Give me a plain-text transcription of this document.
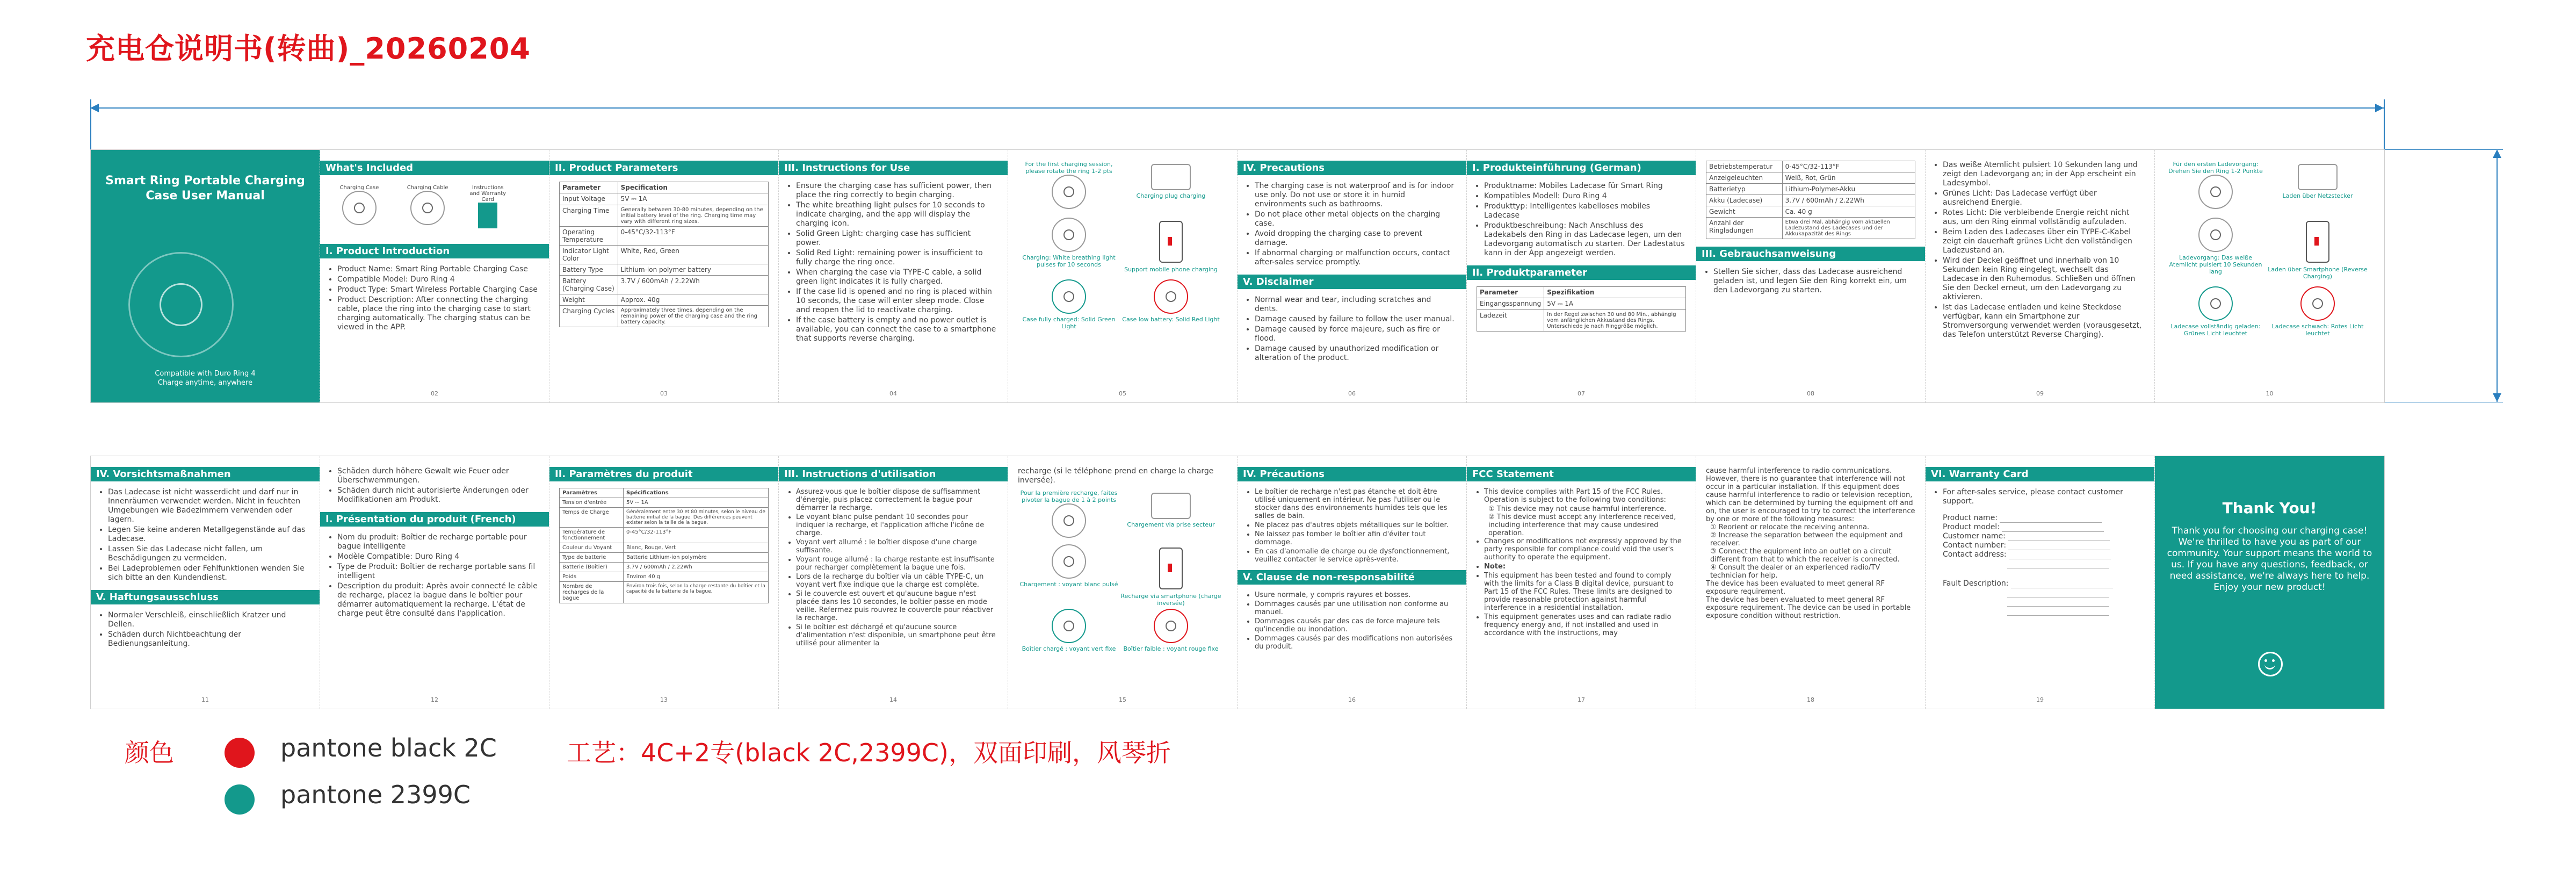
充电仓说明书(转曲)_20260204
Smart Ring Portable Charging Case User Manual
Compatible with Duro Ring 4
Charge anytime, anywhere
What's Included
Charging Case
	Charging Cable
	Instructions and Warranty Card
I. Product Introduction
• Product Name: Smart Ring Portable Charging Case
• Compatible Model: Duro Ring 4
• Product Type: Smart Wireless Portable Charging Case
• Product Description: After connecting the charging cable, place the ring into the charging case to start charging automatically. The charging status can be viewed in the APP.
02
II. Product Parameters
Parameter	Specification
Input Voltage	5V ⎓ 1A
Charging Time	Generally between 30-80 minutes, depending on the initial battery level of the ring. Charging time may vary with different ring sizes.
Operating Temperature	0-45°C/32-113°F
Indicator Light Color	White, Red, Green
Battery Type	Lithium-ion polymer battery
Battery (Charging Case)	3.7V / 600mAh / 2.22Wh
Weight	Approx. 40g
Charging Cycles	Approximately three times, depending on the remaining power of the charging case and the ring battery capacity.
03
III. Instructions for Use
• Ensure the charging case has sufficient power, then place the ring correctly to begin charging.
• The white breathing light pulses for 10 seconds to indicate charging, and the app will display the charging icon.
• Solid Green Light: charging case has sufficient power.
• Solid Red Light: remaining power is insufficient to fully charge the ring once.
• When charging the case via TYPE-C cable, a solid green light indicates it is fully charged.
• If the case lid is opened and no ring is placed within 10 seconds, the case will enter sleep mode. Close and reopen the lid to reactivate charging.
• If the case battery is empty and no power outlet is available, you can connect the case to a smartphone that supports reverse charging.
04
For the first charging session, please rotate the ring 1-2 pts
Charging plug charging
Charging: White breathing light pulses for 10 seconds
Support mobile phone charging
Case fully charged: Solid Green Light
Case low battery: Solid Red Light
05
IV. Precautions
• The charging case is not waterproof and is for indoor use only. Do not use or store it in humid environments such as bathrooms.
• Do not place other metal objects on the charging case.
• Avoid dropping the charging case to prevent damage.
• If abnormal charging or malfunction occurs, contact after-sales service promptly.
V. Disclaimer
• Normal wear and tear, including scratches and dents.
• Damage caused by failure to follow the user manual.
• Damage caused by force majeure, such as fire or flood.
• Damage caused by unauthorized modification or alteration of the product.
06
I. Produkteinführung (German)
• Produktname: Mobiles Ladecase für Smart Ring
• Kompatibles Modell: Duro Ring 4
• Produkttyp: Intelligentes kabelloses mobiles Ladecase
• Produktbeschreibung: Nach Anschluss des Ladekabels den Ring in das Ladecase legen, um den Ladevorgang automatisch zu starten. Der Ladestatus kann in der App angezeigt werden.
II. Produktparameter
Parameter	Spezifikation
Eingangsspannung	5V ⎓ 1A
Ladezeit	In der Regel zwischen 30 und 80 Min., abhängig vom anfänglichen Akkustand des Rings. Unterschiede je nach Ringgröße möglich.
07
Betriebstemperatur	0-45°C/32-113°F
Anzeigeleuchten	Weiß, Rot, Grün
Batterietyp	Lithium-Polymer-Akku
Akku (Ladecase)	3.7V / 600mAh / 2.22Wh
Gewicht	Ca. 40 g
Anzahl der Ringladungen	Etwa drei Mal, abhängig vom aktuellen Ladezustand des Ladecases und der Akkukapazität des Rings
III. Gebrauchsanweisung
• Stellen Sie sicher, dass das Ladecase ausreichend geladen ist, und legen Sie den Ring korrekt ein, um den Ladevorgang zu starten.
08
• Das weiße Atemlicht pulsiert 10 Sekunden lang und zeigt den Ladevorgang an; in der App erscheint ein Ladesymbol.
• Grünes Licht: Das Ladecase verfügt über ausreichend Energie.
• Rotes Licht: Die verbleibende Energie reicht nicht aus, um den Ring einmal vollständig aufzuladen.
• Beim Laden des Ladecases über ein TYPE-C-Kabel zeigt ein dauerhaft grünes Licht den vollständigen Ladezustand an.
• Wird der Deckel geöffnet und innerhalb von 10 Sekunden kein Ring eingelegt, wechselt das Ladecase in den Ruhemodus. Schließen und öffnen Sie den Deckel erneut, um den Ladevorgang zu aktivieren.
• Ist das Ladecase entladen und keine Steckdose verfügbar, kann ein Smartphone zur Stromversorgung verwendet werden (vorausgesetzt, das Telefon unterstützt Reverse Charging).
09
Für den ersten Ladevorgang: Drehen Sie den Ring 1-2 Punkte
Laden über Netzstecker
Ladevorgang: Das weiße Atemlicht pulsiert 10 Sekunden lang	Laden über Smartphone (Reverse Charging)
Ladecase vollständig geladen: Grünes Licht leuchtet
Ladecase schwach: Rotes Licht leuchtet
10
IV. Vorsichtsmaßnahmen
• Das Ladecase ist nicht wasserdicht und darf nur in Innenräumen verwendet werden. Nicht in feuchten Umgebungen wie Badezimmern verwenden oder lagern.
• Legen Sie keine anderen Metallgegenstände auf das Ladecase.
• Lassen Sie das Ladecase nicht fallen, um Beschädigungen zu vermeiden.
• Bei Ladeproblemen oder Fehlfunktionen wenden Sie sich bitte an den Kundendienst.
V. Haftungsausschluss
• Normaler Verschleiß, einschließlich Kratzer und Dellen.
• Schäden durch Nichtbeachtung der Bedienungsanleitung.
11
• Schäden durch höhere Gewalt wie Feuer oder Überschwemmungen.
• Schäden durch nicht autorisierte Änderungen oder Modifikationen am Produkt.
I. Présentation du produit (French)
• Nom du produit: Boîtier de recharge portable pour bague intelligente
• Modèle Compatible: Duro Ring 4
• Type de Produit: Boîtier de recharge portable sans fil intelligent
• Description du produit: Après avoir connecté le câble de recharge, placez la bague dans le boîtier pour démarrer automatiquement la recharge. L'état de charge peut être consulté dans l'application.
12
II. Paramètres du produit
Paramètres	Spécifications
Tension d'entrée	5V ⎓ 1A
Temps de Charge	Généralement entre 30 et 80 minutes, selon le niveau de batterie initial de la bague. Des différences peuvent exister selon la taille de la bague.
Température de fonctionnement	0-45°C/32-113°F
Couleur du Voyant	Blanc, Rouge, Vert
Type de batterie	Batterie Lithium-ion polymère
Batterie (Boîtier)	3.7V / 600mAh / 2.22Wh
Poids	Environ 40 g
Nombre de recharges de la bague	Environ trois fois, selon la charge restante du boîtier et la capacité de la batterie de la bague.
13
III. Instructions d'utilisation
• Assurez-vous que le boîtier dispose de suffisamment d'énergie, puis placez correctement la bague pour démarrer la recharge.
• Le voyant blanc pulse pendant 10 secondes pour indiquer la recharge, et l'application affiche l'icône de charge.
• Voyant vert allumé : le boîtier dispose d'une charge suffisante.
• Voyant rouge allumé : la charge restante est insuffisante pour recharger complètement la bague une fois.
• Lors de la recharge du boîtier via un câble TYPE-C, un voyant vert fixe indique que la charge est complète.
• Si le couvercle est ouvert et qu'aucune bague n'est placée dans les 10 secondes, le boîtier passe en mode veille. Refermez puis rouvrez le couvercle pour réactiver la recharge.
• Si le boîtier est déchargé et qu'aucune source d'alimentation n'est disponible, un smartphone peut être utilisé pour alimenter la
14
recharge (si le téléphone prend en charge la charge inversée).
Pour la première recharge, faites pivoter la bague de 1 à 2 points
Chargement via prise secteur
Chargement : voyant blanc pulsé
Recharge via smartphone (charge inversée)
Boîtier chargé : voyant vert fixe	Boîtier faible : voyant rouge fixe
15
IV. Précautions
• Le boîtier de recharge n'est pas étanche et doit être utilisé uniquement en intérieur. Ne pas l'utiliser ou le stocker dans des environnements humides tels que les salles de bain.
• Ne placez pas d'autres objets métalliques sur le boîtier.
• Ne laissez pas tomber le boîtier afin d'éviter tout dommage.
• En cas d'anomalie de charge ou de dysfonctionnement, veuillez contacter le service après-vente.
V. Clause de non-responsabilité
• Usure normale, y compris rayures et bosses.
• Dommages causés par une utilisation non conforme au manuel.
• Dommages causés par des cas de force majeure tels qu'incendie ou inondation.
• Dommages causés par des modifications non autorisées du produit.
16
FCC Statement
• This device complies with Part 15 of the FCC Rules. Operation is subject to the following two conditions:
① This device may not cause harmful interference.
② This device must accept any interference received, including interference that may cause undesired operation.
• Changes or modifications not expressly approved by the party responsible for compliance could void the user's authority to operate the equipment.
• Note:
• This equipment has been tested and found to comply with the limits for a Class B digital device, pursuant to Part 15 of the FCC Rules. These limits are designed to provide reasonable protection against harmful interference in a residential installation.
• This equipment generates uses and can radiate radio frequency energy and, if not installed and used in accordance with the instructions, may
17
cause harmful interference to radio communications. However, there is no guarantee that interference will not occur in a particular installation. If this equipment does cause harmful interference to radio or television reception, which can be determined by turning the equipment off and on, the user is encouraged to try to correct the interference by one or more of the following measures:
① Reorient or relocate the receiving antenna.
② Increase the separation between the equipment and receiver.
③ Connect the equipment into an outlet on a circuit different from that to which the receiver is connected.
④ Consult the dealer or an experienced radio/TV technician for help.
The device has been evaluated to meet general RF exposure requirement.
The device has been evaluated to meet general RF exposure requirement. The device can be used in portable exposure condition without restriction.
18
VI. Warranty Card
• For after-sales service, please contact customer support.
Product name:
Product model:
Customer name:
Contact number:
Contact address:
Fault Description:
19
Thank You!
Thank you for choosing our charging case! We're thrilled to have you as part of our community. Your support means the world to us. If you have any questions, feedback, or need assistance, we're always here to help. Enjoy your new product!
颜色	pantone black 2C
pantone 2399C
工艺：4C+2专(black 2C,2399C)，双面印刷，风琴折
